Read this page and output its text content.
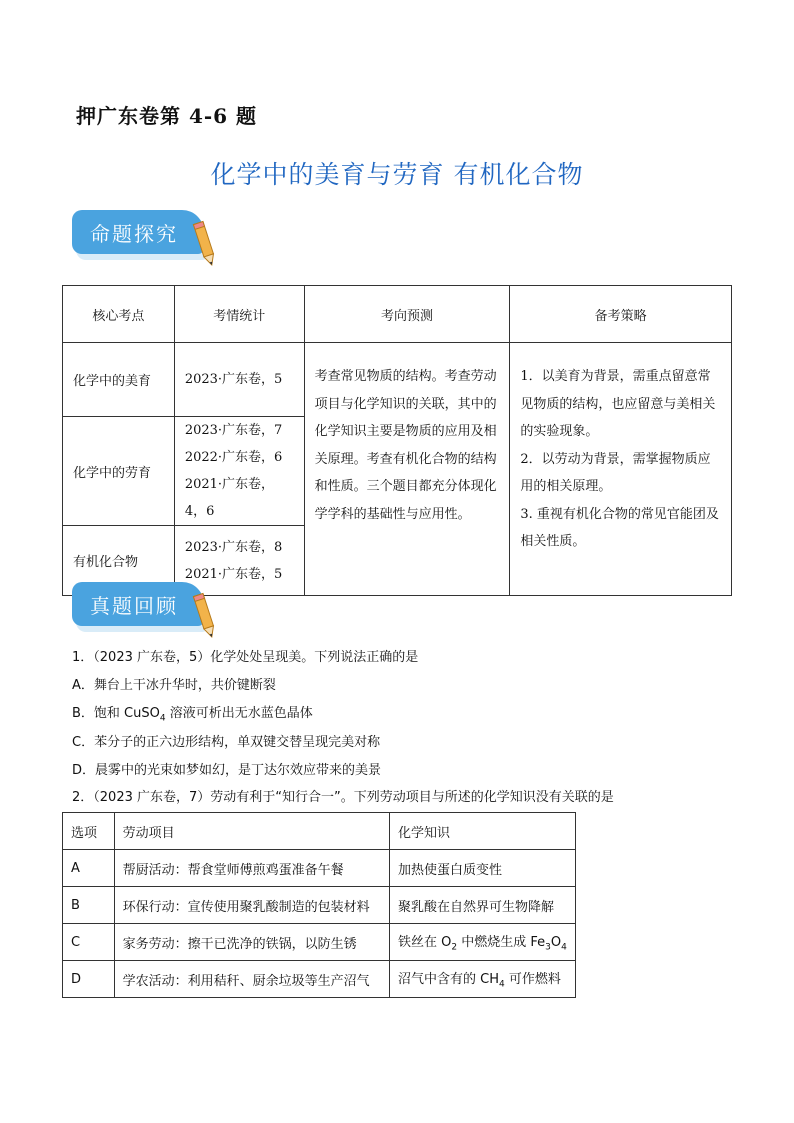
押广东卷第 4-6 题
化学中的美育与劳育 有机化合物
命题探究
核心考点	考情统计	考向预测	备考策略
化学中的美育	2023·广东卷，5	考查常见物质的结构。考查劳动项目与化学知识的关联，其中的化学知识主要是物质的应用及相关原理。考查有机化合物的结构和性质。三个题目都充分体现化学学科的基础性与应用性。	1．以美育为背景，需重点留意常见物质的结构，也应留意与美相关的实验现象。
2．以劳动为背景，需掌握物质应用的相关原理。
3. 重视有机化合物的常见官能团及相关性质。
化学中的劳育	2023·广东卷，7
2022·广东卷，6
2021·广东卷，4，6		

有机化合物	2023·广东卷，8
2021·广东卷，5		
真题回顾
1．（2023 广东卷，5）化学处处呈现美。下列说法正确的是
A．舞台上干冰升华时，共价键断裂
B．饱和 CuSO$_4$ 溶液可析出无水蓝色晶体
C．苯分子的正六边形结构，单双键交替呈现完美对称
D．晨雾中的光束如梦如幻，是丁达尔效应带来的美景
2．（2023 广东卷，7）劳动有利于“知行合一”。下列劳动项目与所述的化学知识没有关联的是
选项	劳动项目	化学知识
A	帮厨活动：帮食堂师傅煎鸡蛋准备午餐	加热使蛋白质变性
B	环保行动：宣传使用聚乳酸制造的包装材料	聚乳酸在自然界可生物降解
C	家务劳动：擦干已洗净的铁锅，以防生锈	铁丝在 $O_2$ 中燃烧生成 $Fe_3O_4$
D	学农活动：利用秸秆、厨余垃圾等生产沼气	沼气中含有的 $CH_4$ 可作燃料
